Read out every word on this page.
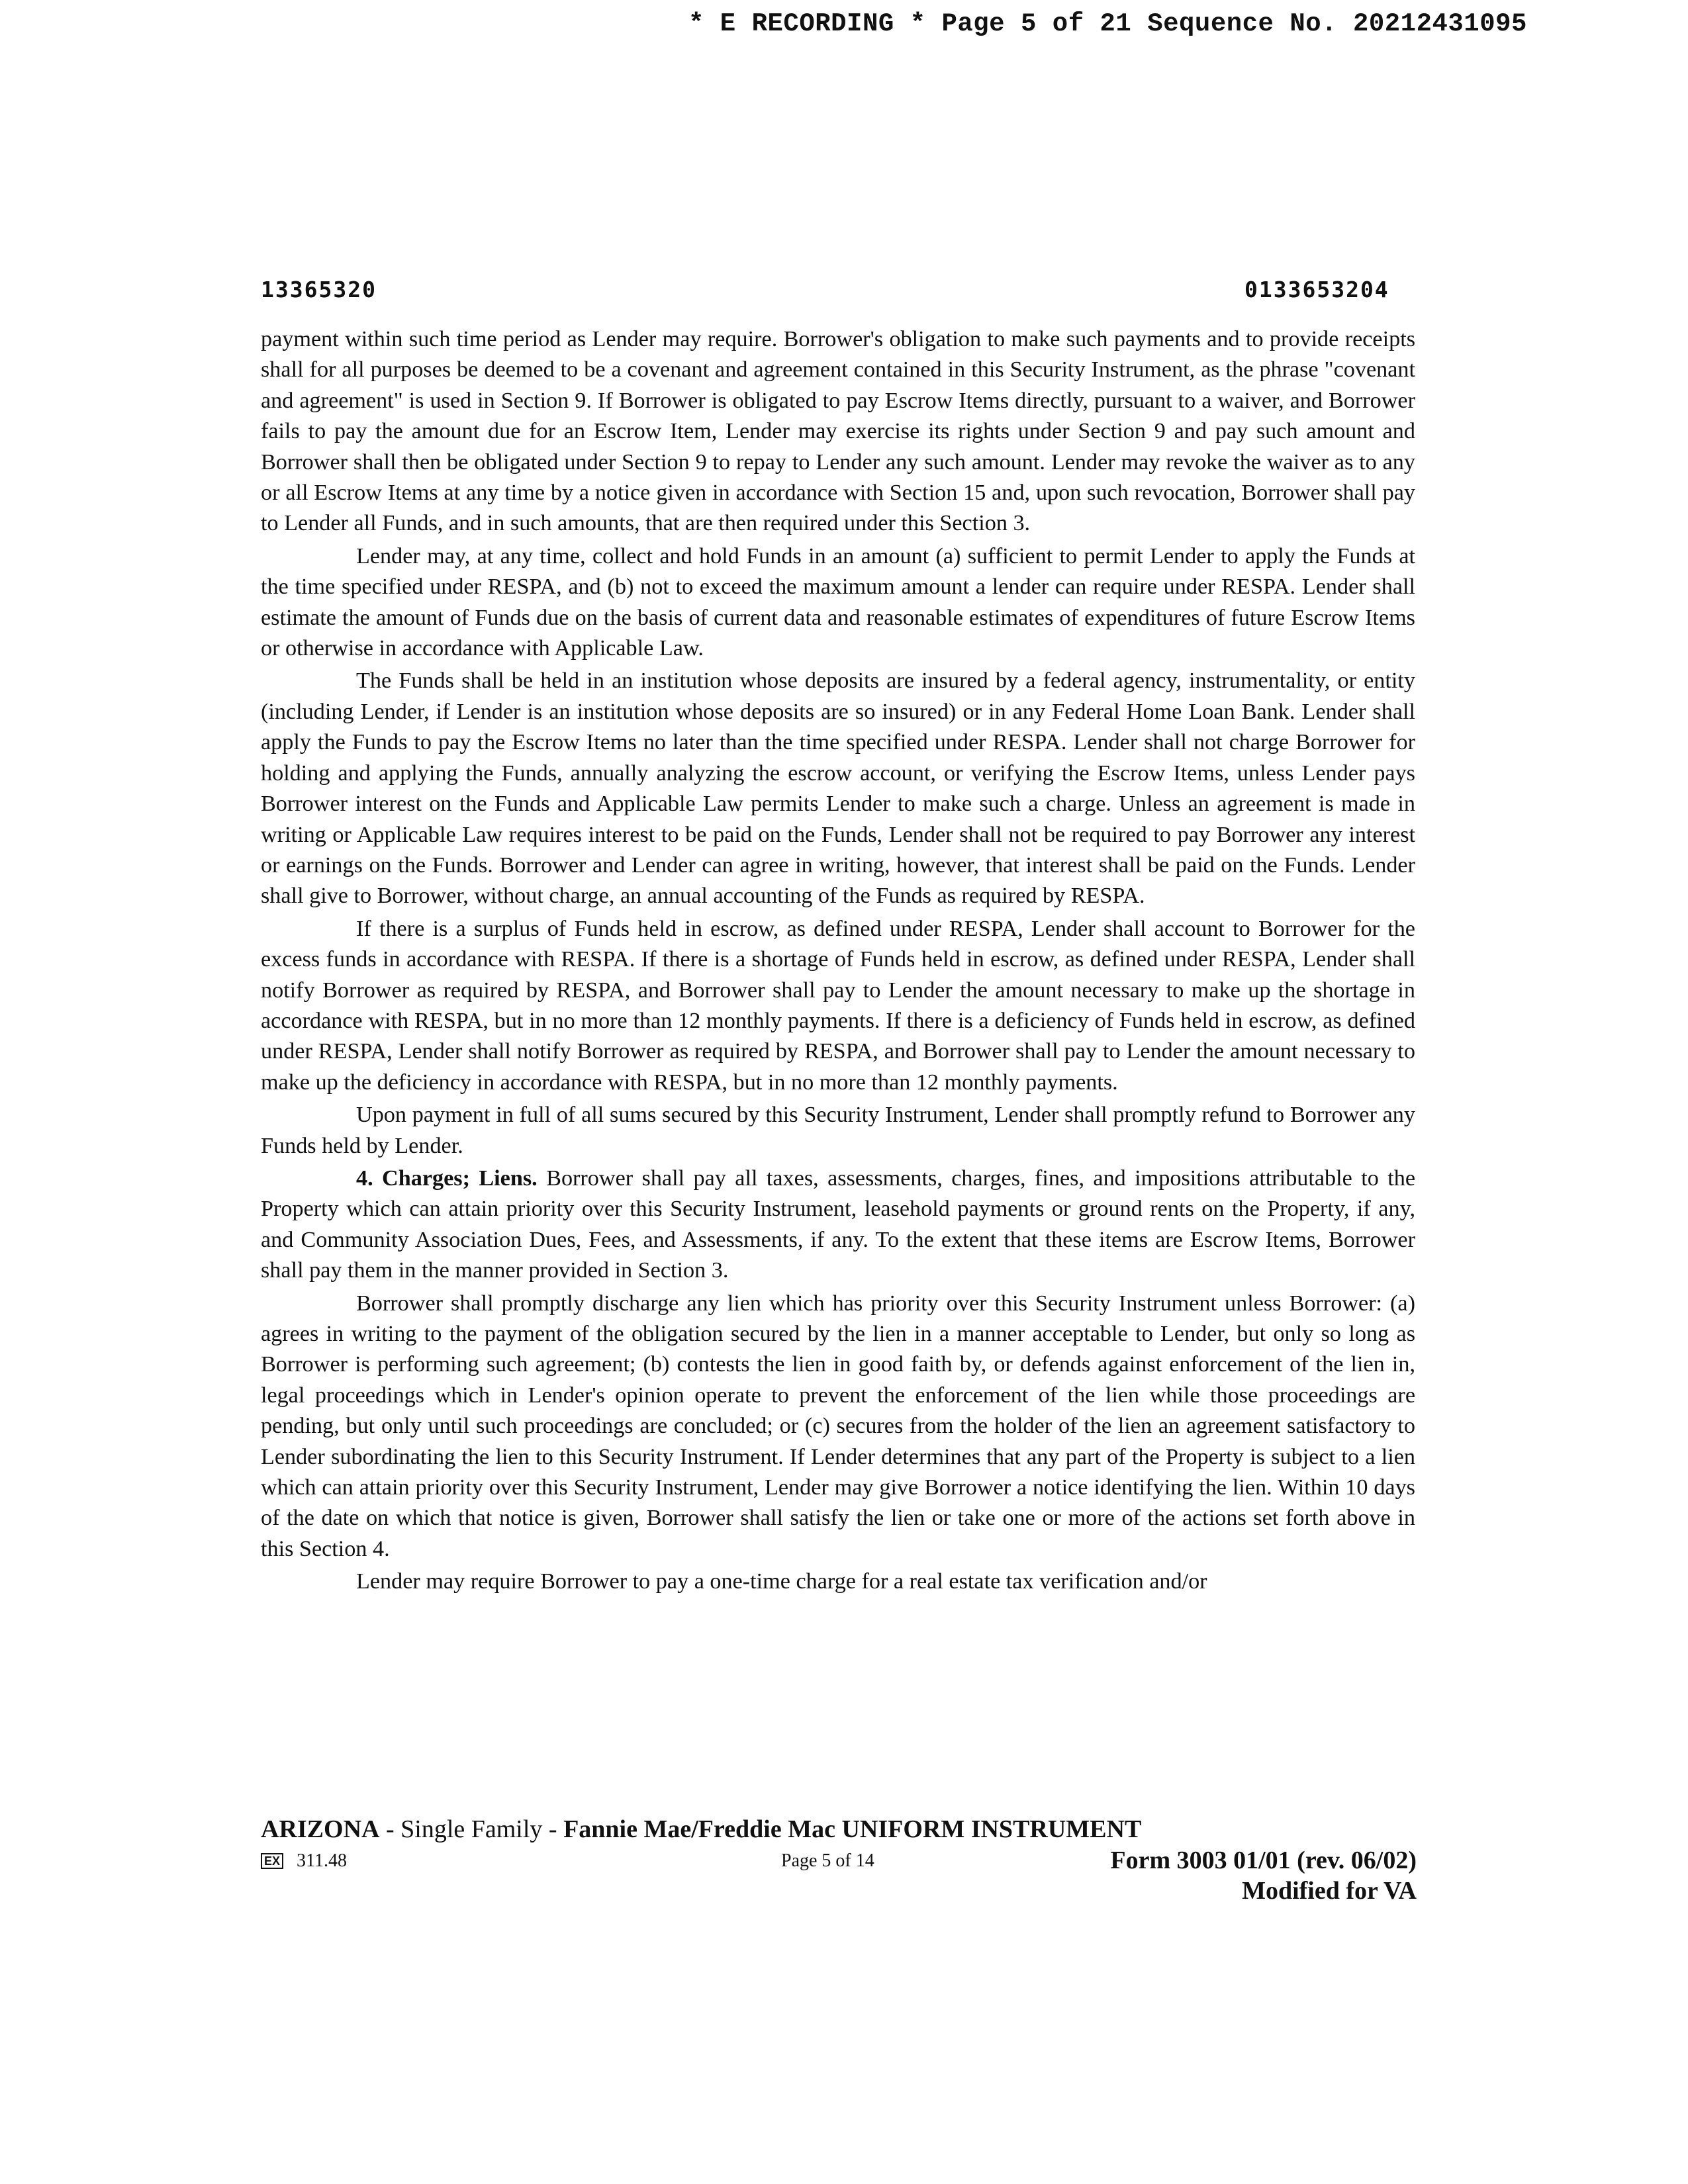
* E RECORDING * Page 5 of 21 Sequence No. 20212431095
13365320	0133653204

payment within such time period as Lender may require. Borrower's obligation to make such payments and to provide receipts shall for all purposes be deemed to be a covenant and agreement contained in this Security Instrument, as the phrase "covenant and agreement" is used in Section 9. If Borrower is obligated to pay Escrow Items directly, pursuant to a waiver, and Borrower fails to pay the amount due for an Escrow Item, Lender may exercise its rights under Section 9 and pay such amount and Borrower shall then be obligated under Section 9 to repay to Lender any such amount. Lender may revoke the waiver as to any or all Escrow Items at any time by a notice given in accordance with Section 15 and, upon such revocation, Borrower shall pay to Lender all Funds, and in such amounts, that are then required under this Section 3.

Lender may, at any time, collect and hold Funds in an amount (a) sufficient to permit Lender to apply the Funds at the time specified under RESPA, and (b) not to exceed the maximum amount a lender can require under RESPA. Lender shall estimate the amount of Funds due on the basis of current data and reasonable estimates of expenditures of future Escrow Items or otherwise in accordance with Applicable Law.

The Funds shall be held in an institution whose deposits are insured by a federal agency, instrumentality, or entity (including Lender, if Lender is an institution whose deposits are so insured) or in any Federal Home Loan Bank. Lender shall apply the Funds to pay the Escrow Items no later than the time specified under RESPA. Lender shall not charge Borrower for holding and applying the Funds, annually analyzing the escrow account, or verifying the Escrow Items, unless Lender pays Borrower interest on the Funds and Applicable Law permits Lender to make such a charge. Unless an agreement is made in writing or Applicable Law requires interest to be paid on the Funds, Lender shall not be required to pay Borrower any interest or earnings on the Funds. Borrower and Lender can agree in writing, however, that interest shall be paid on the Funds. Lender shall give to Borrower, without charge, an annual accounting of the Funds as required by RESPA.

If there is a surplus of Funds held in escrow, as defined under RESPA, Lender shall account to Borrower for the excess funds in accordance with RESPA. If there is a shortage of Funds held in escrow, as defined under RESPA, Lender shall notify Borrower as required by RESPA, and Borrower shall pay to Lender the amount necessary to make up the shortage in accordance with RESPA, but in no more than 12 monthly payments. If there is a deficiency of Funds held in escrow, as defined under RESPA, Lender shall notify Borrower as required by RESPA, and Borrower shall pay to Lender the amount necessary to make up the deficiency in accordance with RESPA, but in no more than 12 monthly payments.

Upon payment in full of all sums secured by this Security Instrument, Lender shall promptly refund to Borrower any Funds held by Lender.

4. Charges; Liens. Borrower shall pay all taxes, assessments, charges, fines, and impositions attributable to the Property which can attain priority over this Security Instrument, leasehold payments or ground rents on the Property, if any, and Community Association Dues, Fees, and Assessments, if any. To the extent that these items are Escrow Items, Borrower shall pay them in the manner provided in Section 3.

Borrower shall promptly discharge any lien which has priority over this Security Instrument unless Borrower: (a) agrees in writing to the payment of the obligation secured by the lien in a manner acceptable to Lender, but only so long as Borrower is performing such agreement; (b) contests the lien in good faith by, or defends against enforcement of the lien in, legal proceedings which in Lender's opinion operate to prevent the enforcement of the lien while those proceedings are pending, but only until such proceedings are concluded; or (c) secures from the holder of the lien an agreement satisfactory to Lender subordinating the lien to this Security Instrument. If Lender determines that any part of the Property is subject to a lien which can attain priority over this Security Instrument, Lender may give Borrower a notice identifying the lien. Within 10 days of the date on which that notice is given, Borrower shall satisfy the lien or take one or more of the actions set forth above in this Section 4.

Lender may require Borrower to pay a one-time charge for a real estate tax verification and/or

ARIZONA - Single Family - Fannie Mae/Freddie Mac UNIFORM INSTRUMENT
EX 311.48	Page 5 of 14	Form 3003 01/01 (rev. 06/02)
Modified for VA
